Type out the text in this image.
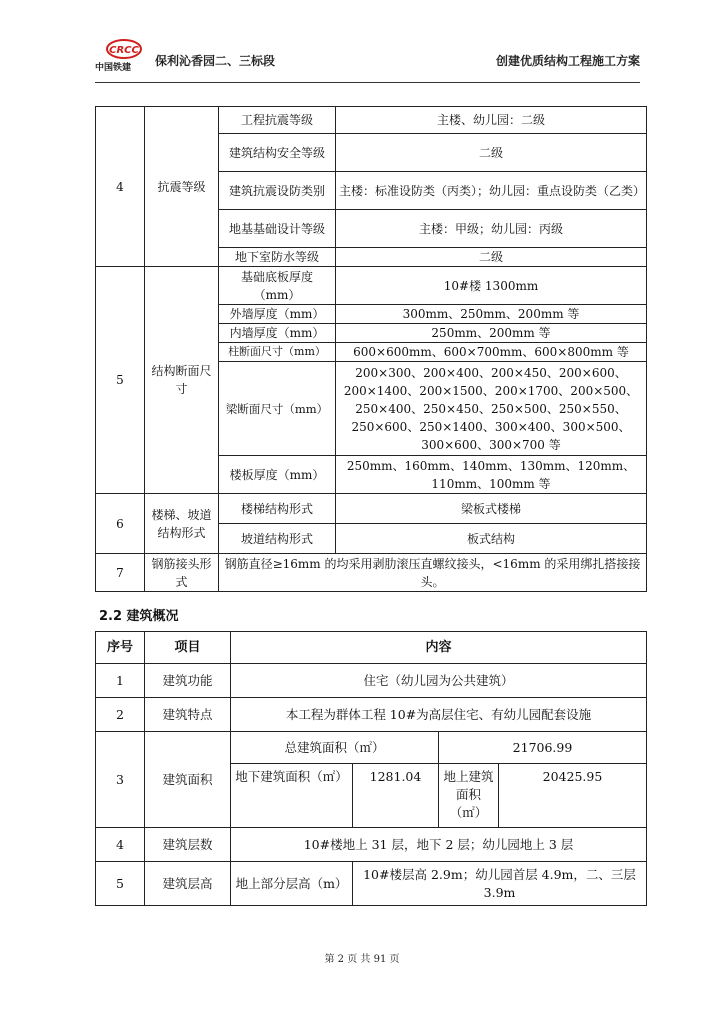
CRCC
中国铁建 保利沁香园二、三标段	创建优质结构工程施工方案
4	抗震等级	工程抗震等级	主楼、幼儿园：二级
		建筑结构安全等级	二级
		建筑抗震设防类别	主楼：标准设防类（丙类）；幼儿园：重点设防类（乙类）
		地基基础设计等级	主楼：甲级；幼儿园：丙级
		地下室防水等级	二级
5	结构断面尺寸	基础底板厚度（mm）	10#楼 1300mm
		外墙厚度（mm）	300mm、250mm、200mm 等
		内墙厚度（mm）	250mm、200mm 等
		柱断面尺寸（mm）	600×600mm、600×700mm、600×800mm 等
		梁断面尺寸（mm）	200×300、200×400、200×450、200×600、200×1400、200×1500、200×1700、200×500、250×400、250×450、250×500、250×550、250×600、250×1400、300×400、300×500、300×600、300×700 等
		楼板厚度（mm）	250mm、160mm、140mm、130mm、120mm、110mm、100mm 等
6	楼梯、坡道 结构形式	楼梯结构形式	梁板式楼梯
		坡道结构形式	板式结构
7	钢筋接头形式	钢筋直径≥16mm 的均采用剥肋滚压直螺纹接头，<16mm 的采用绑扎搭接接头。	
2.2 建筑概况
序号	项目	内容			
1	建筑功能	住宅（幼儿园为公共建筑）			
2	建筑特点	本工程为群体工程 10#为高层住宅、有幼儿园配套设施			
3	建筑面积	总建筑面积（㎡）		21706.99	
		地下建筑面积（㎡）	1281.04	地上建筑面积（㎡）	20425.95
4	建筑层数	10#楼地上 31 层，地下 2 层；幼儿园地上 3 层			
5	建筑层高	地上部分层高（m）	10#楼层高 2.9m；幼儿园首层 4.9m，二、三层 3.9m		
第 2 页 共 91 页
